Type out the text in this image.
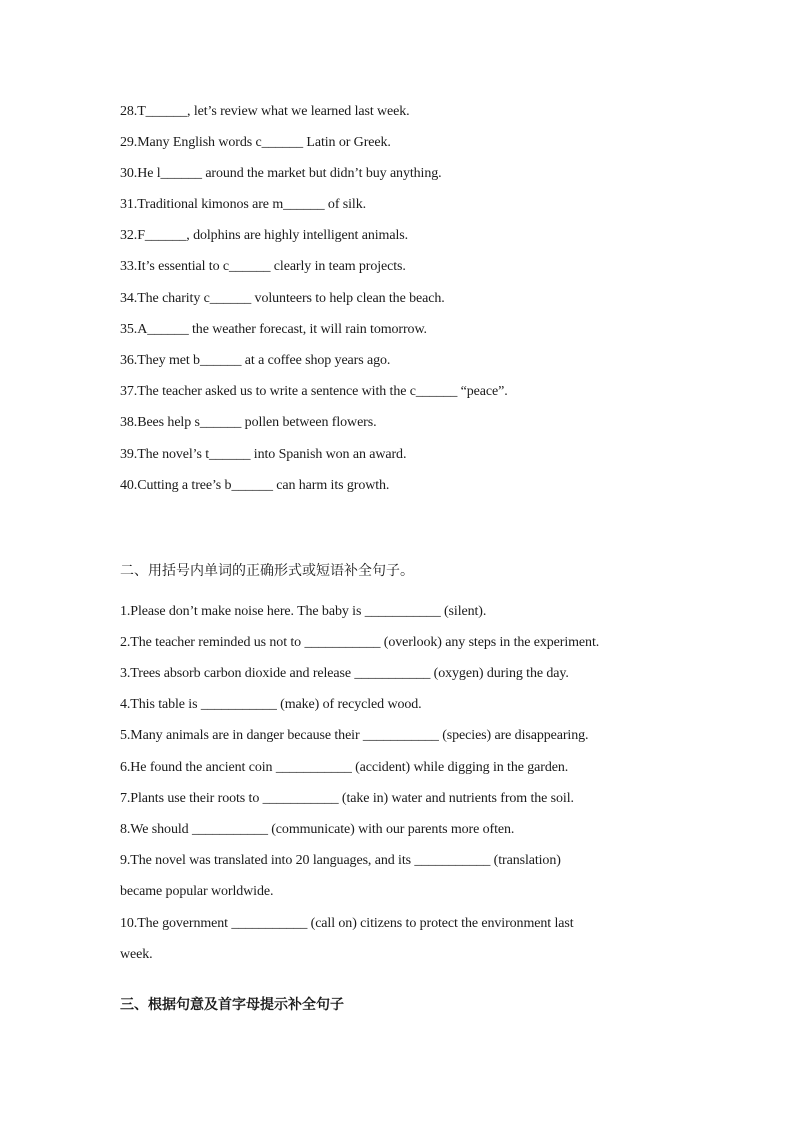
28.T______, let’s review what we learned last week.
29.Many English words c______ Latin or Greek.
30.He l______ around the market but didn’t buy anything.
31.Traditional kimonos are m______ of silk.
32.F______, dolphins are highly intelligent animals.
33.It’s essential to c______ clearly in team projects.
34.The charity c______ volunteers to help clean the beach.
35.A______ the weather forecast, it will rain tomorrow.
36.They met b______ at a coffee shop years ago.
37.The teacher asked us to write a sentence with the c______ “peace”.
38.Bees help s______ pollen between flowers.
39.The novel’s t______ into Spanish won an award.
40.Cutting a tree’s b______ can harm its growth.
二、用括号内单词的正确形式或短语补全句子。
1.Please don’t make noise here. The baby is ___________ (silent).
2.The teacher reminded us not to ___________ (overlook) any steps in the experiment.
3.Trees absorb carbon dioxide and release ___________ (oxygen) during the day.
4.This table is ___________ (make) of recycled wood.
5.Many animals are in danger because their ___________ (species) are disappearing.
6.He found the ancient coin ___________ (accident) while digging in the garden.
7.Plants use their roots to ___________ (take in) water and nutrients from the soil.
8.We should ___________ (communicate) with our parents more often.
9.The novel was translated into 20 languages, and its ___________ (translation)
became popular worldwide.
10.The government ___________ (call on) citizens to protect the environment last
week.
三、根据句意及首字母提示补全句子
